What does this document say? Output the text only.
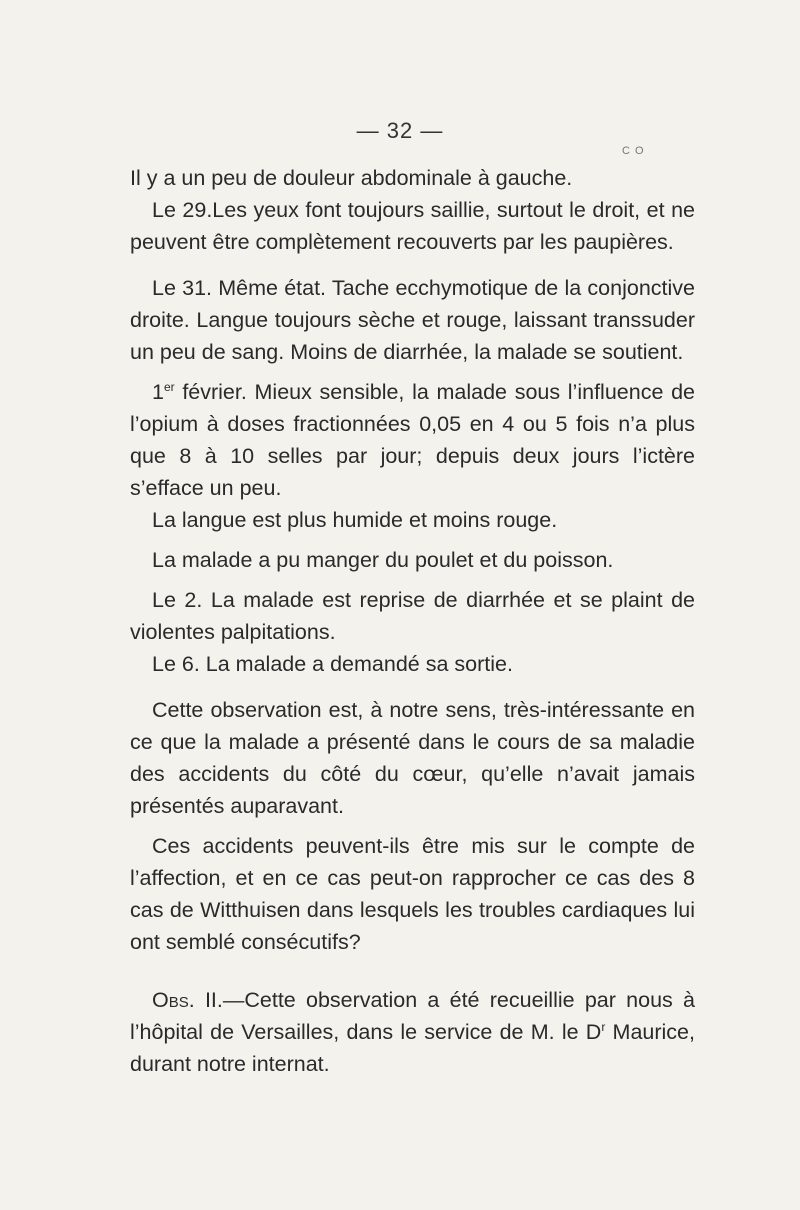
— 32 —
C O

Il y a un peu de douleur abdominale à gauche.

Le 29.Les yeux font toujours saillie, surtout le droit, et ne peuvent être complètement recouverts par les paupières.

Le 31. Même état. Tache ecchymotique de la conjonctive droite. Langue toujours sèche et rouge, laissant transsuder un peu de sang. Moins de diarrhée, la malade se soutient.

1er février. Mieux sensible, la malade sous l’influence de l’opium à doses fractionnées 0,05 en 4 ou 5 fois n’a plus que 8 à 10 selles par jour; depuis deux jours l’ictère s’efface un peu.

La langue est plus humide et moins rouge.

La malade a pu manger du poulet et du poisson.

Le 2. La malade est reprise de diarrhée et se plaint de violentes palpitations.

Le 6. La malade a demandé sa sortie.

Cette observation est, à notre sens, très-intéressante en ce que la malade a présenté dans le cours de sa maladie des accidents du côté du cœur, qu’elle n’avait jamais présentés auparavant.

Ces accidents peuvent-ils être mis sur le compte de l’affection, et en ce cas peut-on rapprocher ce cas des 8 cas de Witthuisen dans lesquels les troubles cardiaques lui ont semblé consécutifs?

Obs. II.—Cette observation a été recueillie par nous à l’hôpital de Versailles, dans le service de M. le $D^r$ Maurice, durant notre internat.
